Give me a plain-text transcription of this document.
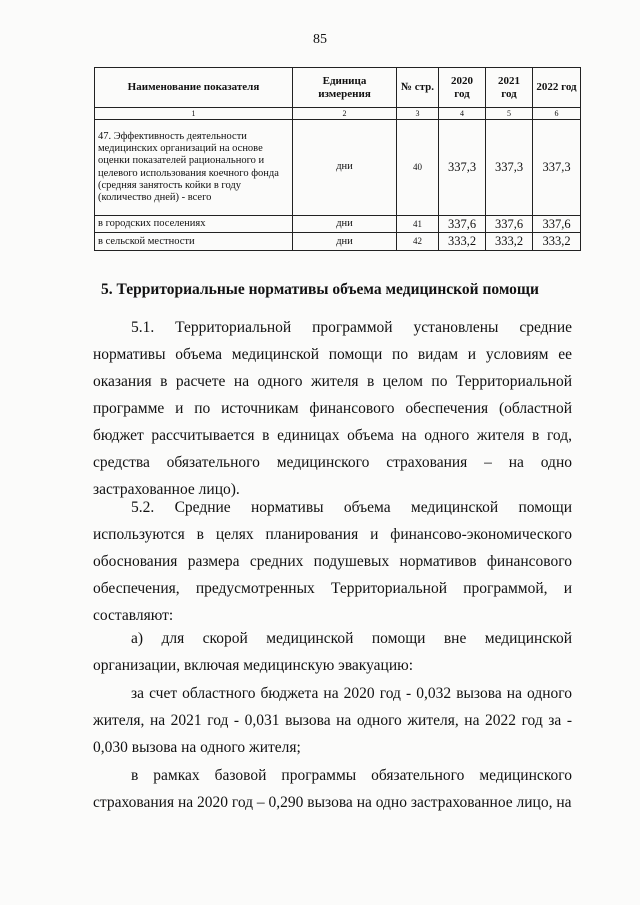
85
Наименование показателя	Единица измерения	№ стр.	2020 год	2021 год	2022 год
1	2	3	4	5	6
47. Эффективность деятельности медицинских организаций на основе оценки показателей рационального и целевого использования коечного фонда (средняя занятость койки в году (количество дней) - всего	дни	40	337,3	337,3	337,3
в городских поселениях	дни	41	337,6	337,6	337,6
в сельской местности	дни	42	333,2	333,2	333,2
5. Территориальные нормативы объема медицинской помощи

5.1. Территориальной программой установлены средние нормативы объема медицинской помощи по видам и условиям ее оказания в расчете на одного жителя в целом по Территориальной программе и по источникам финансового обеспечения (областной бюджет рассчитывается в единицах объема на одного жителя в год, средства обязательного медицинского страхования – на одно застрахованное лицо).

5.2. Средние нормативы объема медицинской помощи используются в целях планирования и финансово-экономического обоснования размера средних подушевых нормативов финансового обеспечения, предусмотренных Территориальной программой, и составляют:

а) для скорой медицинской помощи вне медицинской организации, включая медицинскую эвакуацию:

за счет областного бюджета на 2020 год - 0,032 вызова на одного жителя, на 2021 год - 0,031 вызова на одного жителя, на 2022 год за - 0,030 вызова на одного жителя;

в рамках базовой программы обязательного медицинского страхования на 2020 год – 0,290 вызова на одно застрахованное лицо, на
